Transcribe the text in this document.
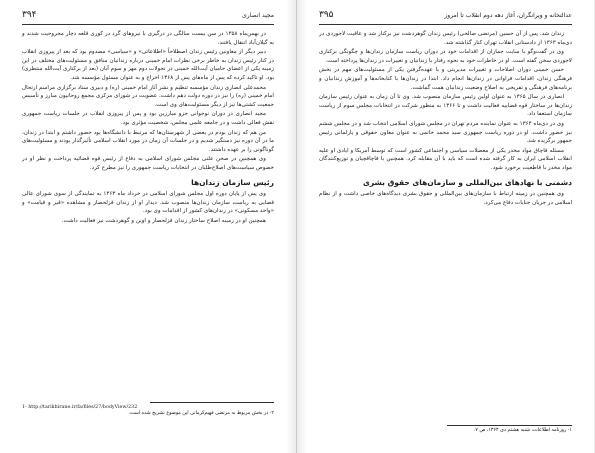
مجید انصاری
۳۹۴

در بهمن‌ماه ۱۳۵۸ در سن بیست سالگی در درگیری با نیروهای گرد در کوری قلعه دچار مجروحیت شدند و به گیلان‌آباد انتقال یافتند.

دبیر دیگر از معاونین رئیس زندان اصطلاحاً «اطلاعاتی» و «سیاسی» مصدوم بود که بعد از پیروزی انقلاب در کنار رئیس زندان به خاطر برخی نظرات امام خمینی درباره زندانیان منافق و مسئولیت‌های مختلف در این زمینه یکی از اعضای حامیان آیت‌الله خمینی در تحولات دوم مهر و سوم آبان (بعد از برکناری آیت‌الله منتظری) بود. او تاکید کرده که پس از ماه‌های پس از ۱۳۶۸ اخراج و به عنوان مسئول مؤسسه شد.

محمدعلی انصاری زندان مؤسسه تنظیم و نشر آثار امام خمینی (ره) و دبیری ستاد برگزاری مراسم ارتحال امام خمینی (ره) را نیز در دوره دولت دهم داشت. عضویت در شورای مرکزی مجمع روحانیون مبارز و تأسیس جمعیت کشتی‌ها نیز از دیگر مسئولیت‌های وی است.

مجید انصاری در دوران نوجوانی جزو مبارزین بود و پس از پیروزی انقلاب در جلسات ریاست جمهوری نقش فعالی داشت و در جامعه علمی مجلس، شخصیت مؤثری بود.

من هم که زندان بودم در بعضی از شهرستان‌ها که مرتبط با دانشگاه‌ها بود حضور داشتم و ابتدا در زندان، ما در آن دوره نیز دستگیر شدیم و در جلسات آن زمان در مورد انقلاب اسلامی تأثیرگذار بودند و مسئولیت‌های گوناگونی را بر عهده داشتند.

وی همچنین در صحن علنی مجلس شورای اسلامی به دفاع از رئیس قوه قضائیه پرداخت و نظر او در خصوص سیاست‌های اصلاح‌طلبان در انتخابات ریاست جمهوری را نیز مطرح کرد.

رئیس سازمان زندان‌ها

وی پس از پایان دوره اول مجلس شورای اسلامی در خرداد ماه ۱۳۶۳ به نمایندگی از سوی شورای عالی قضایی به ریاست سازمان زندان‌ها منصوب شد. دیدار او از زندان قزلحصار و مشاهده «قیر و قیامت» و «واحد مسکونی» در زندان‌های کشور از اقدامات وی بود.

همچنین او در زمینه اصلاح ساختار زندان قزلحصار و اوین و گوهردشت نیز فعالیت داشت.

1- http://tarikhirane.ir/fa/files/27/bodyView/232
۲- در بخش مربوط به مرتضی فهیم‌کرمانی این موضوع تشریح شده است.
عدالتخانه و ویرانگران، آغاز دهه دوم انقلاب تا امروز
۳۹۵

زندان شد. پس از آن حسین (مرتضی صالحی) رئیس زندان گوهردشت نیز برکنار شد و عاقبت لاجوردی در دی‌ماه ۱۳۶۳ از دادستانی انقلاب تهران کنار گذاشته شد.

وی در گفت‌وگو با سایت جماران از اقدامات خود در دوران ریاست سازمان زندان‌ها و چگونگی برکناری لاجوردی سخن گفته است. او در خاطرات خود به نحوه رفتار با زندانیان و تغییرات در زندان‌ها پرداخته است.

حسن خمینی دوران اصلاحات و تغییرات مدیریتی و با عهده‌گرفتن یکی از مسئولیت‌های مهم در بخش فرهنگی زندان، اقدامات فراوانی در زندان‌ها انجام داد. ابتدا در زندان‌ها با کتابخانه‌ها و آموزش زندانیان و برنامه‌های فرهنگی و تفریحی به اصلاح وضعیت زندانیان همت گماشت.

انصاری در سال ۱۳۶۵ به عنوان اولین رئیس سازمان منصوب شد. وی تا آن زمان به عنوان رئیس سازمان زندان‌ها در ساختار قوه قضاییه فعالیت داشت و تا ۱۳۶۶ به منظور شرکت در انتخابات مجلس سوم از ریاست سازمان استعفا داد.

وی در دی‌ماه ۱۳۶۴ به عنوان نماینده مردم تهران در مجلس شورای اسلامی انتخاب شد و در مجلس ششم نیز حضور داشت. او در دوره ریاست جمهوری سید محمد خاتمی به عنوان معاون حقوقی و پارلمانی رئیس جمهور برگزیده شد.

مسئله قاچاق مواد مخدر یکی از معضلات سیاسی و اجتماعی کشور است که توسط آمریکا و ایادی او علیه انقلاب اسلامی ایران به کار گرفته شده است که باید با آن مقابله کرد. همچنین با قاچاقچیان و توزیع‌کنندگان مواد مخدر با قاطعیت برخورد شود.

دشمنی با نهادهای بین‌المللی و سازمان‌های حقوق بشری

وی همچنین در زمینه ارتباط با سازمان‌های بین‌المللی و حقوق بشری دیدگاه‌های خاصی داشت و از نظام اسلامی در جریان جنایات دفاع می‌کرد.

۱- روزنامه اطلاعات، شنبه هشتم دی ۱۳۶۴، ص ۷.
